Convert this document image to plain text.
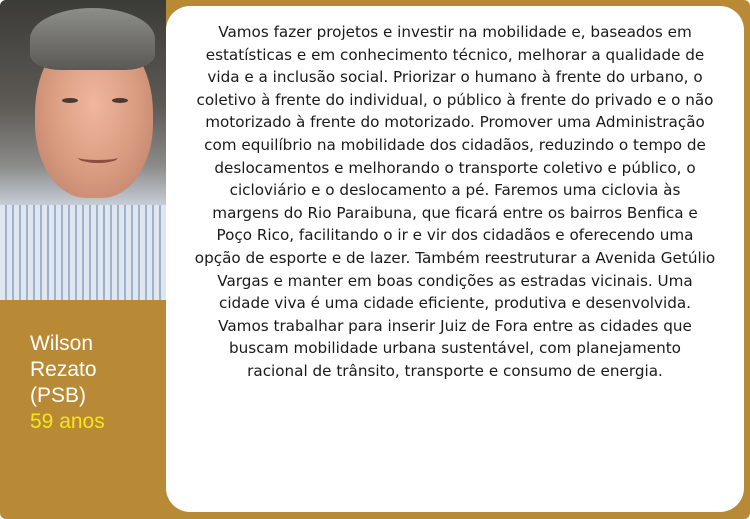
Wilson
Rezato
(PSB)
59 anos
Vamos fazer projetos e investir na mobilidade e, baseados em
estatísticas e em conhecimento técnico, melhorar a qualidade de
vida e a inclusão social. Priorizar o humano à frente do urbano, o
coletivo à frente do individual, o público à frente do privado e o não
motorizado à frente do motorizado. Promover uma Administração
com equilíbrio na mobilidade dos cidadãos, reduzindo o tempo de
deslocamentos e melhorando o transporte coletivo e público, o
cicloviário e o deslocamento a pé. Faremos uma ciclovia às
margens do Rio Paraibuna, que ficará entre os bairros Benfica e
Poço Rico, facilitando o ir e vir dos cidadãos e oferecendo uma
opção de esporte e de lazer. Também reestruturar a Avenida Getúlio
Vargas e manter em boas condições as estradas vicinais. Uma
cidade viva é uma cidade eficiente, produtiva e desenvolvida.
Vamos trabalhar para inserir Juiz de Fora entre as cidades que
buscam mobilidade urbana sustentável, com planejamento
racional de trânsito, transporte e consumo de energia.
